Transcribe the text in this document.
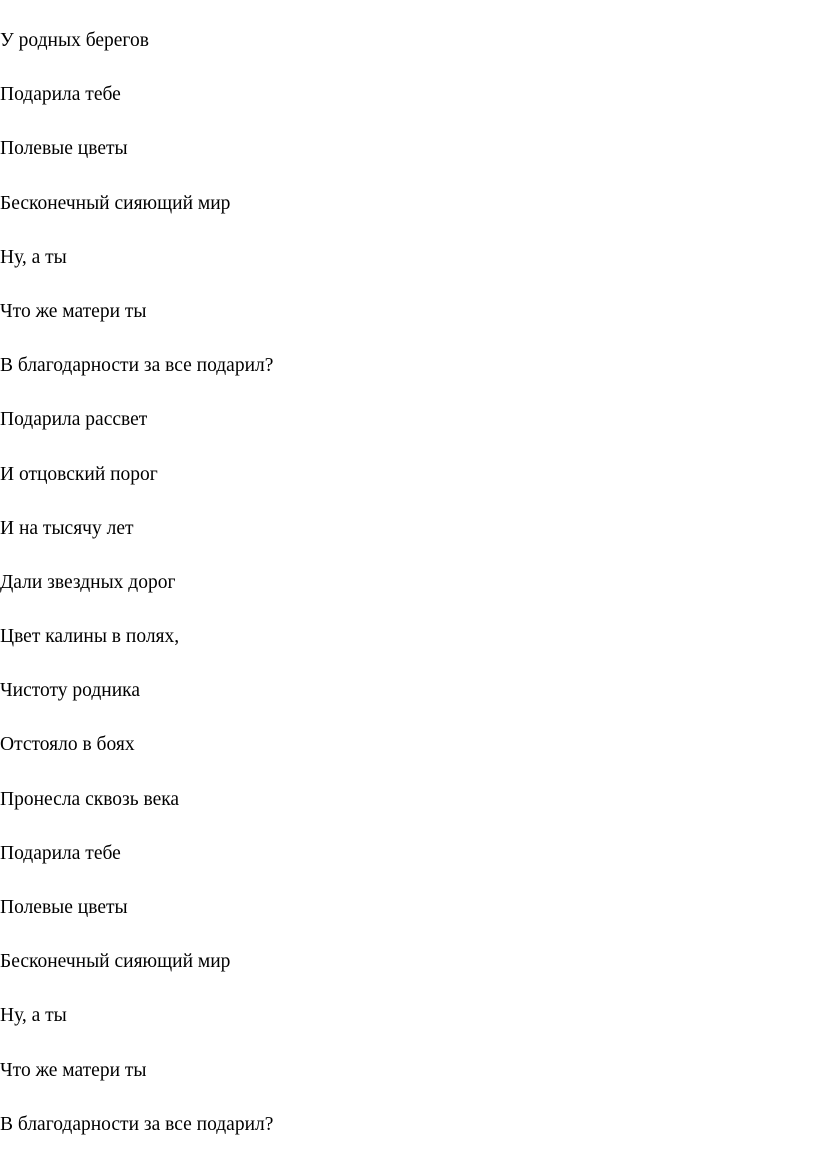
У родных берегов

Подарила тебе

Полевые цветы

Бесконечный сияющий мир

Ну, а ты

Что же матери ты

В благодарности за все подарил?

Подарила рассвет

И отцовский порог

И на тысячу лет

Дали звездных дорог

Цвет калины в полях,

Чистоту родника

Отстояло в боях

Пронесла сквозь века

Подарила тебе

Полевые цветы

Бесконечный сияющий мир

Ну, а ты

Что же матери ты

В благодарности за все подарил?
